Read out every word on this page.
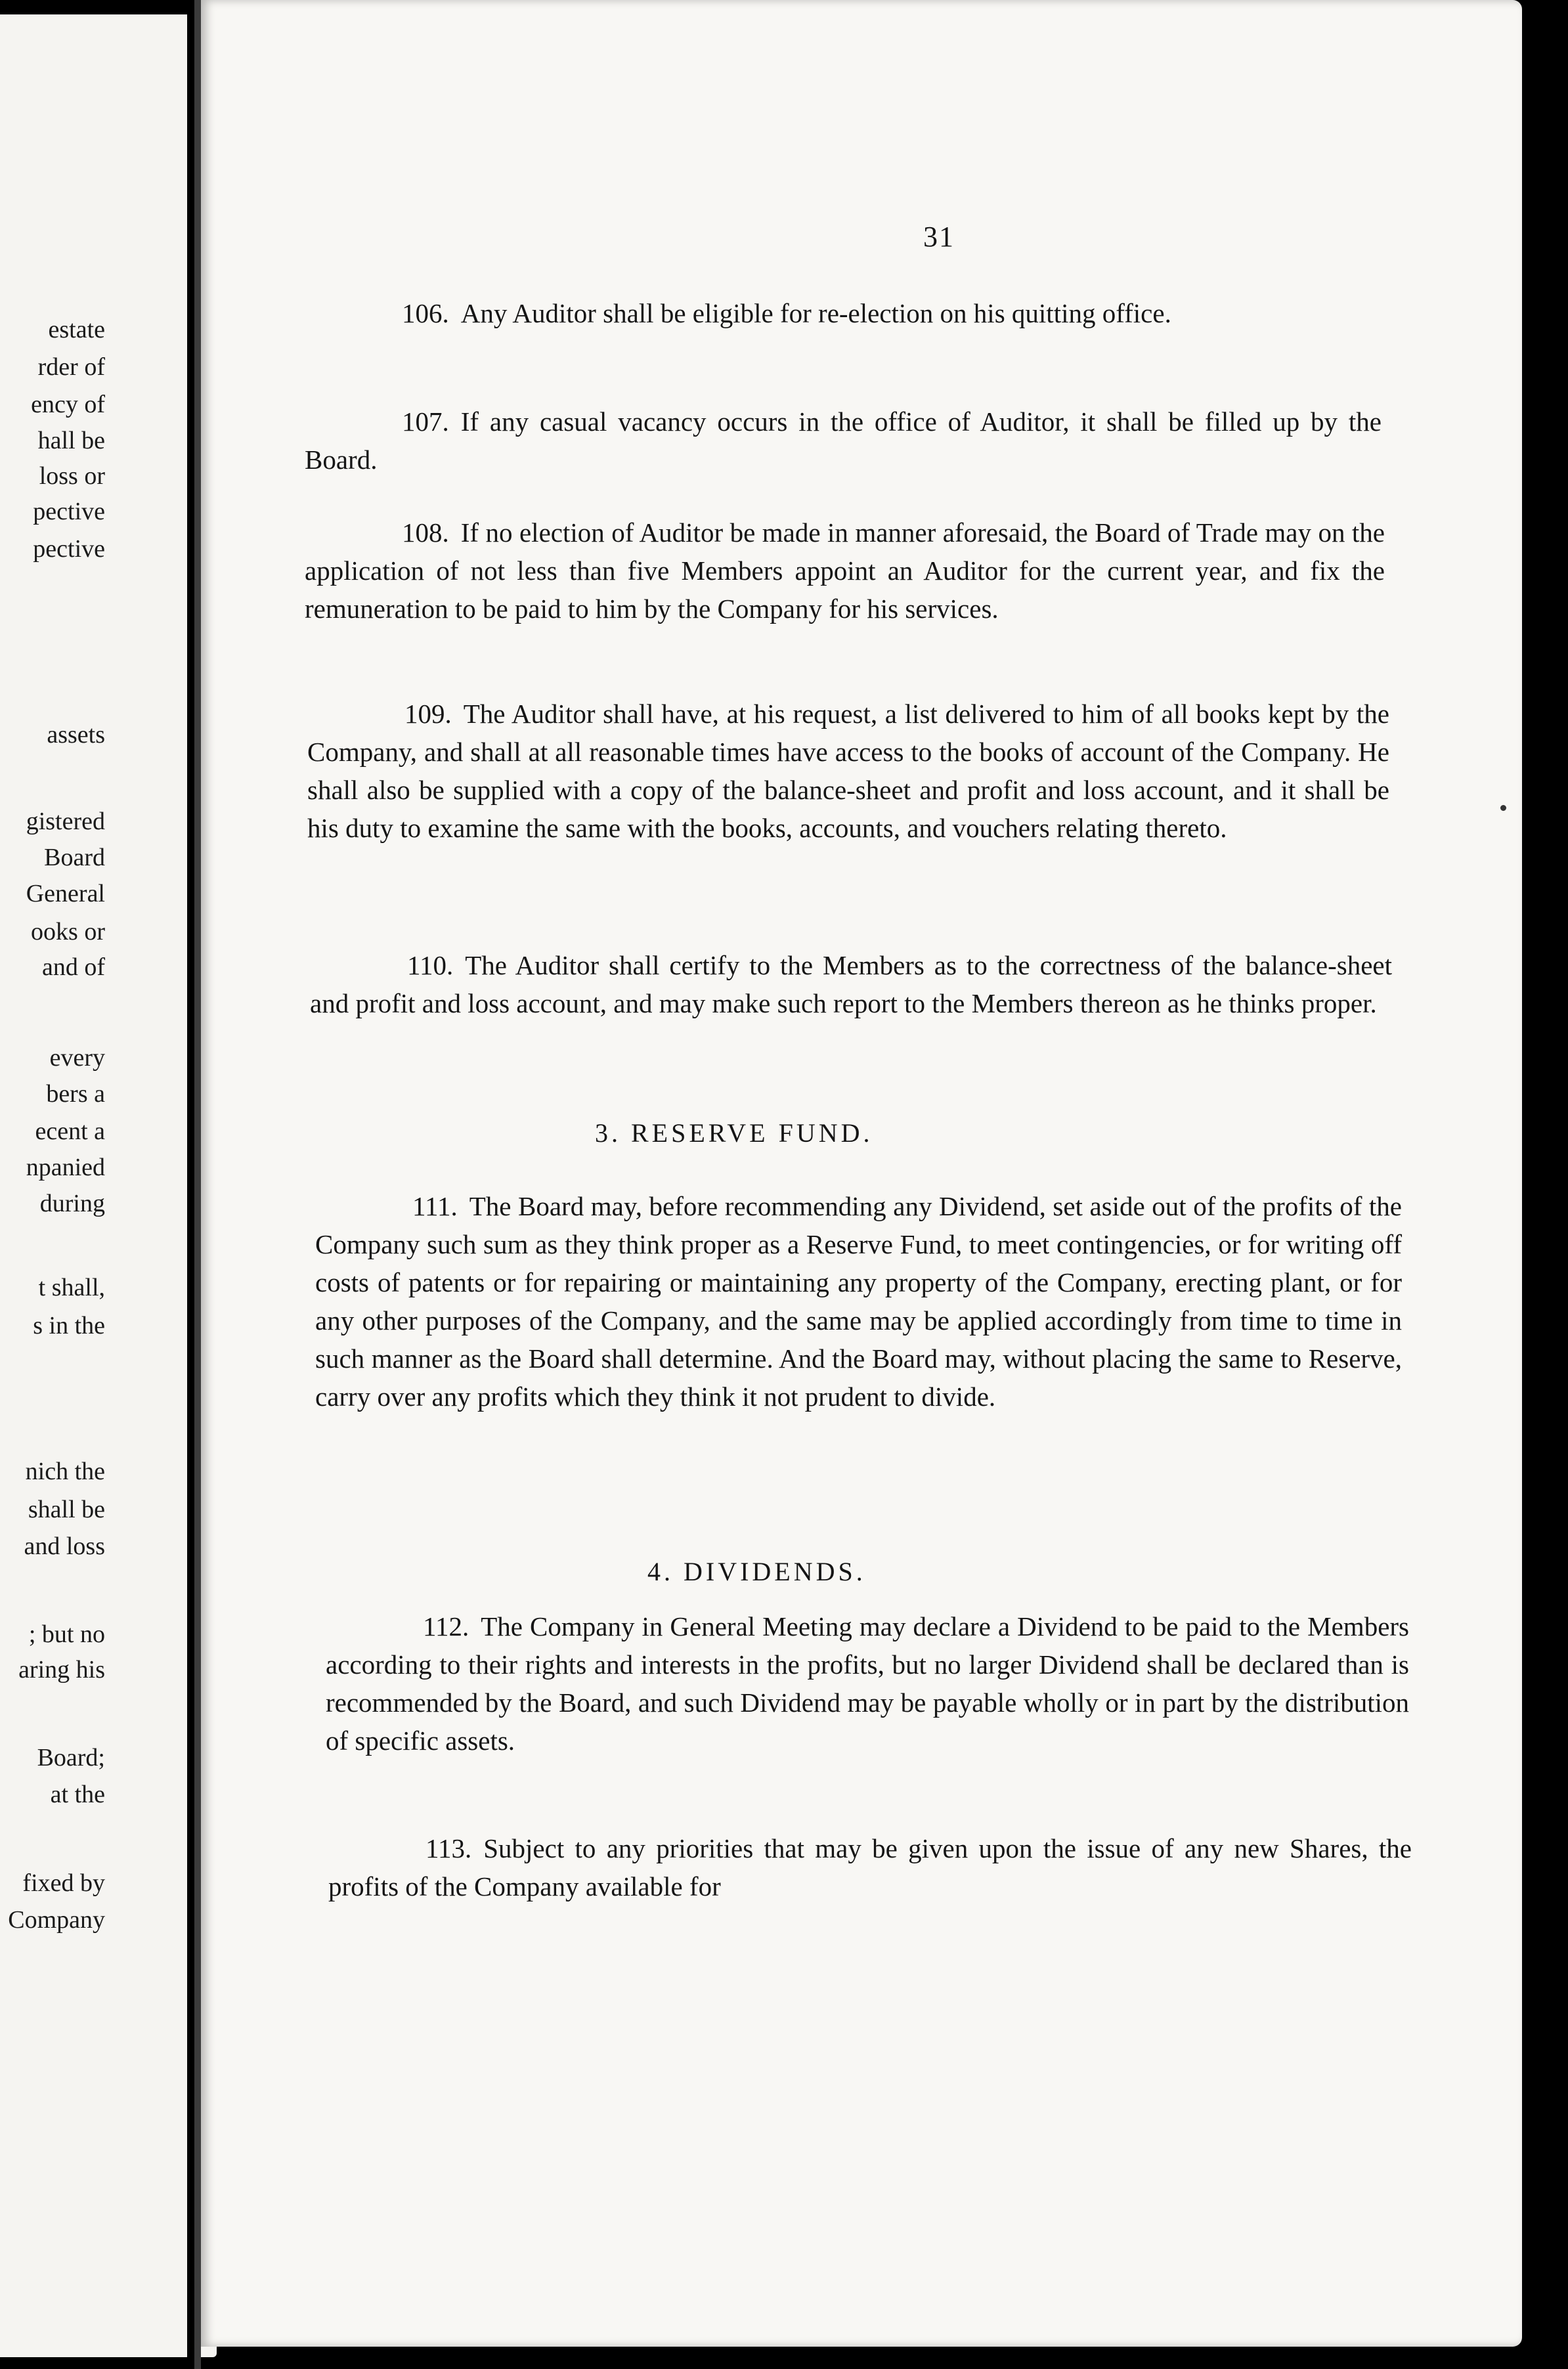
estate
rder of
ency of
hall be
loss or
pective
pective
assets
gistered
Board
General
ooks or
and of
every
bers a
ecent a
npanied
during
t shall,
s in the
nich the
shall be
and loss
; but no
aring his
Board;
at the
fixed by
Company
31
106. Any Auditor shall be eligible for re-election on his quitting office.
107. If any casual vacancy occurs in the office of Auditor, it shall be filled up by the Board.
108. If no election of Auditor be made in manner aforesaid, the Board of Trade may on the application of not less than five Members appoint an Auditor for the current year, and fix the remuneration to be paid to him by the Company for his services.
109. The Auditor shall have, at his request, a list delivered to him of all books kept by the Company, and shall at all reasonable times have access to the books of account of the Company. He shall also be supplied with a copy of the balance-sheet and profit and loss account, and it shall be his duty to examine the same with the books, accounts, and vouchers relating thereto.
110. The Auditor shall certify to the Members as to the correctness of the balance-sheet and profit and loss account, and may make such report to the Members thereon as he thinks proper.
3. RESERVE FUND.
111. The Board may, before recommending any Dividend, set aside out of the profits of the Company such sum as they think proper as a Reserve Fund, to meet contingencies, or for writing off costs of patents or for repairing or maintaining any property of the Company, erecting plant, or for any other purposes of the Company, and the same may be applied accordingly from time to time in such manner as the Board shall determine. And the Board may, without placing the same to Reserve, carry over any profits which they think it not prudent to divide.
4. DIVIDENDS.
112. The Company in General Meeting may declare a Dividend to be paid to the Members according to their rights and interests in the profits, but no larger Dividend shall be declared than is recommended by the Board, and such Dividend may be payable wholly or in part by the distribution of specific assets.
113. Subject to any priorities that may be given upon the issue of any new Shares, the profits of the Company available for
